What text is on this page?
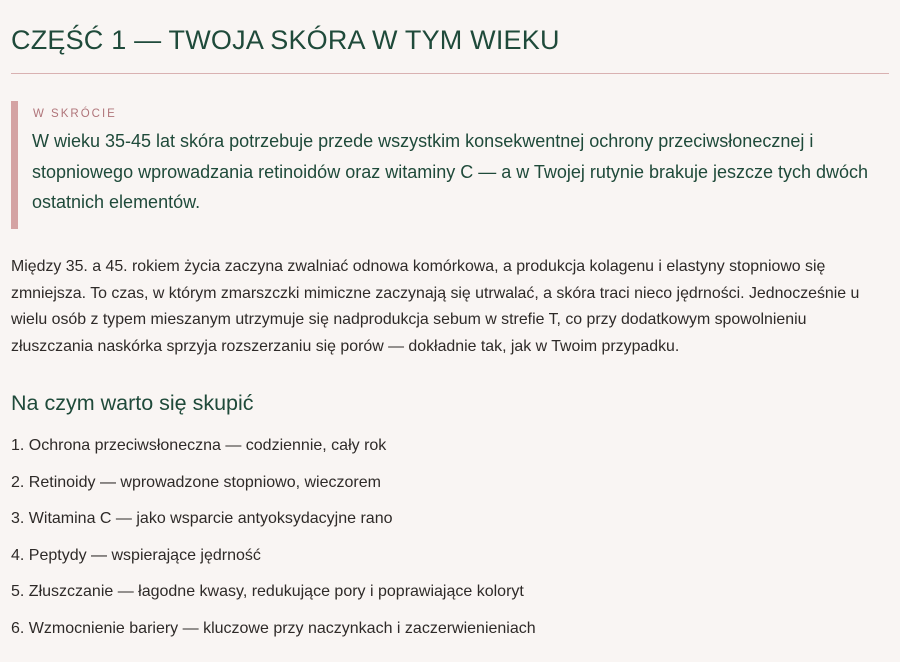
CZĘŚĆ 1 — TWOJA SKÓRA W TYM WIEKU
W SKRÓCIE
W wieku 35-45 lat skóra potrzebuje przede wszystkim konsekwentnej ochrony przeciwsłonecznej i stopniowego wprowadzania retinoidów oraz witaminy C — a w Twojej rutynie brakuje jeszcze tych dwóch ostatnich elementów.

Między 35. a 45. rokiem życia zaczyna zwalniać odnowa komórkowa, a produkcja kolagenu i elastyny stopniowo się zmniejsza. To czas, w którym zmarszczki mimiczne zaczynają się utrwalać, a skóra traci nieco jędrności. Jednocześnie u wielu osób z typem mieszanym utrzymuje się nadprodukcja sebum w strefie T, co przy dodatkowym spowolnieniu złuszczania naskórka sprzyja rozszerzaniu się porów — dokładnie tak, jak w Twoim przypadku.

Na czym warto się skupić
1. Ochrona przeciwsłoneczna — codziennie, cały rok
2. Retinoidy — wprowadzone stopniowo, wieczorem
3. Witamina C — jako wsparcie antyoksydacyjne rano
4. Peptydy — wspierające jędrność
5. Złuszczanie — łagodne kwasy, redukujące pory i poprawiające koloryt
6. Wzmocnienie bariery — kluczowe przy naczynkach i zaczerwienieniach
